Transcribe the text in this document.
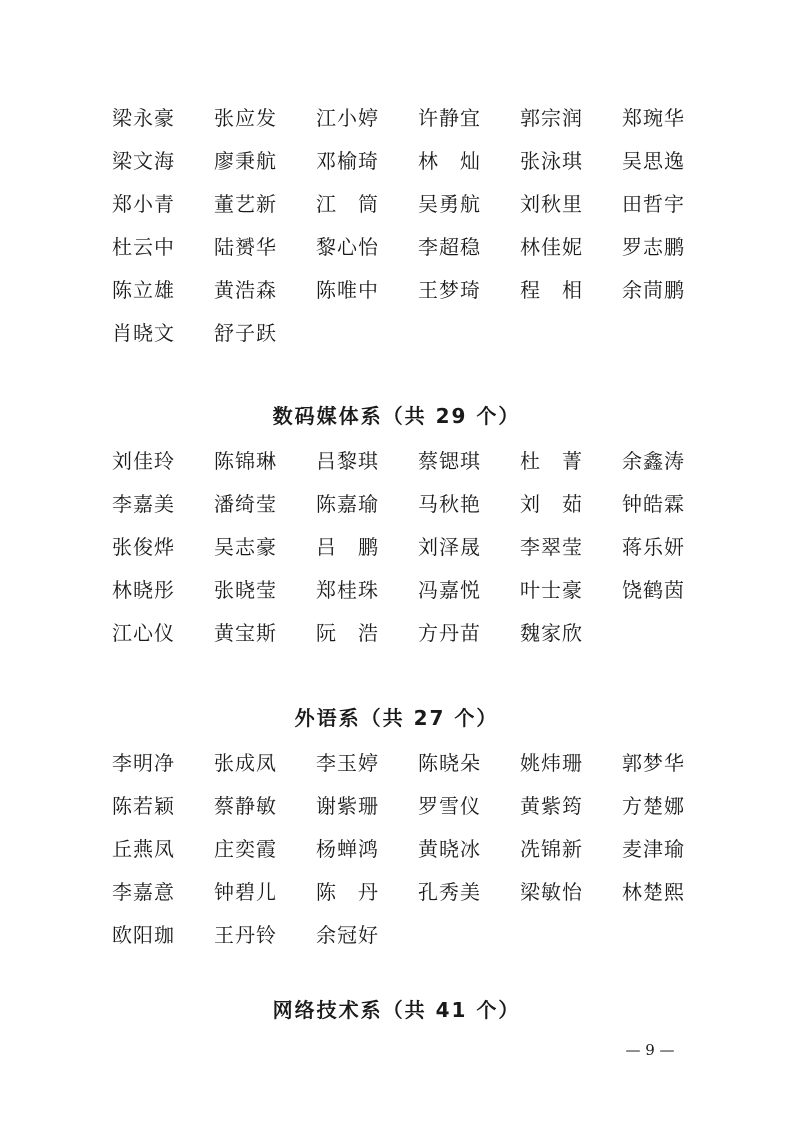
梁永豪	张应发	江小婷	许静宜	郭宗润	郑琬华
梁文海	廖秉航	邓榆琦	林　灿	张泳琪	吴思逸
郑小青	董艺新	江　筒	吴勇航	刘秋里	田哲宇
杜云中	陆赟华	黎心怡	李超稳	林佳妮	罗志鹏
陈立雄	黄浩森	陈唯中	王梦琦	程　相	余茼鹏
肖晓文	舒子跃
数码媒体系（共 29 个）
刘佳玲	陈锦琳	吕黎琪	蔡锶琪	杜　菁	余鑫涛
李嘉美	潘绮莹	陈嘉瑜	马秋艳	刘　茹	钟皓霖
张俊烨	吴志豪	吕　鹏	刘泽晟	李翠莹	蒋乐妍
林晓彤	张晓莹	郑桂珠	冯嘉悦	叶士豪	饶鹤茵
江心仪	黄宝斯	阮　浩	方丹苗	魏家欣
外语系（共 27 个）
李明净	张成凤	李玉婷	陈晓朵	姚炜珊	郭梦华
陈若颖	蔡静敏	谢紫珊	罗雪仪	黄紫筠	方楚娜
丘燕凤	庄奕霞	杨蝉鸿	黄晓冰	冼锦新	麦津瑜
李嘉意	钟碧儿	陈　丹	孔秀美	梁敏怡	林楚熙
欧阳珈	王丹铃	余冠好
网络技术系（共 41 个）
— 9 —
